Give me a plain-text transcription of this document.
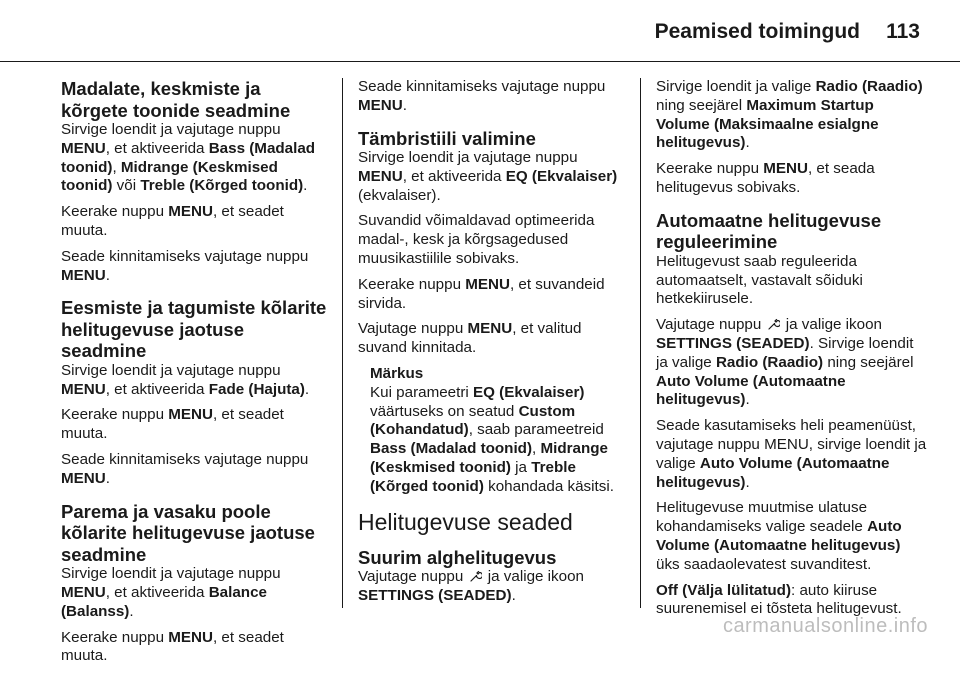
Peamised toimingud 113
Madalate, keskmiste ja kõrgete toonide seadmine

Sirvige loendit ja vajutage nuppu MENU, et aktiveerida Bass (Madalad toonid), Midrange (Keskmised toonid) või Treble (Kõrged toonid).

Keerake nuppu MENU, et seadet muuta.

Seade kinnitamiseks vajutage nuppu MENU.

Eesmiste ja tagumiste kõlarite helitugevuse jaotuse seadmine

Sirvige loendit ja vajutage nuppu MENU, et aktiveerida Fade (Hajuta).

Keerake nuppu MENU, et seadet muuta.

Seade kinnitamiseks vajutage nuppu MENU.

Parema ja vasaku poole kõlarite helitugevuse jaotuse seadmine

Sirvige loendit ja vajutage nuppu MENU, et aktiveerida Balance (Balanss).

Keerake nuppu MENU, et seadet muuta.

Seade kinnitamiseks vajutage nuppu MENU.

Tämbristiili valimine

Sirvige loendit ja vajutage nuppu MENU, et aktiveerida EQ (Ekvalaiser) (ekvalaiser).

Suvandid võimaldavad optimeerida madal-, kesk ja kõrgsagedused muusikastiilile sobivaks.

Keerake nuppu MENU, et suvandeid sirvida.

Vajutage nuppu MENU, et valitud suvand kinnitada.

Märkus
Kui parameetri EQ (Ekvalaiser) väärtuseks on seatud Custom (Kohandatud), saab parameetreid Bass (Madalad toonid), Midrange (Keskmised toonid) ja Treble (Kõrged toonid) kohandada käsitsi.
Helitugevuse seaded
Suurim alghelitugevus

Vajutage nuppu  ja valige ikoon SETTINGS (SEADED).

Sirvige loendit ja valige Radio (Raadio) ning seejärel Maximum Startup Volume (Maksimaalne esialgne helitugevus).

Keerake nuppu MENU, et seada helitugevus sobivaks.

Automaatne helitugevuse reguleerimine

Helitugevust saab reguleerida automaatselt, vastavalt sõiduki hetkekiirusele.

Vajutage nuppu  ja valige ikoon SETTINGS (SEADED). Sirvige loendit ja valige Radio (Raadio) ning seejärel Auto Volume (Automaatne helitugevus).

Seade kasutamiseks heli peamenüüst, vajutage nuppu MENU, sirvige loendit ja valige Auto Volume (Automaatne helitugevus).

Helitugevuse muutmise ulatuse kohandamiseks valige seadele Auto Volume (Automaatne helitugevus) üks saadaolevatest suvanditest.

Off (Välja lülitatud): auto kiiruse suurenemisel ei tõsteta helitugevust.

carmanualsonline.info
